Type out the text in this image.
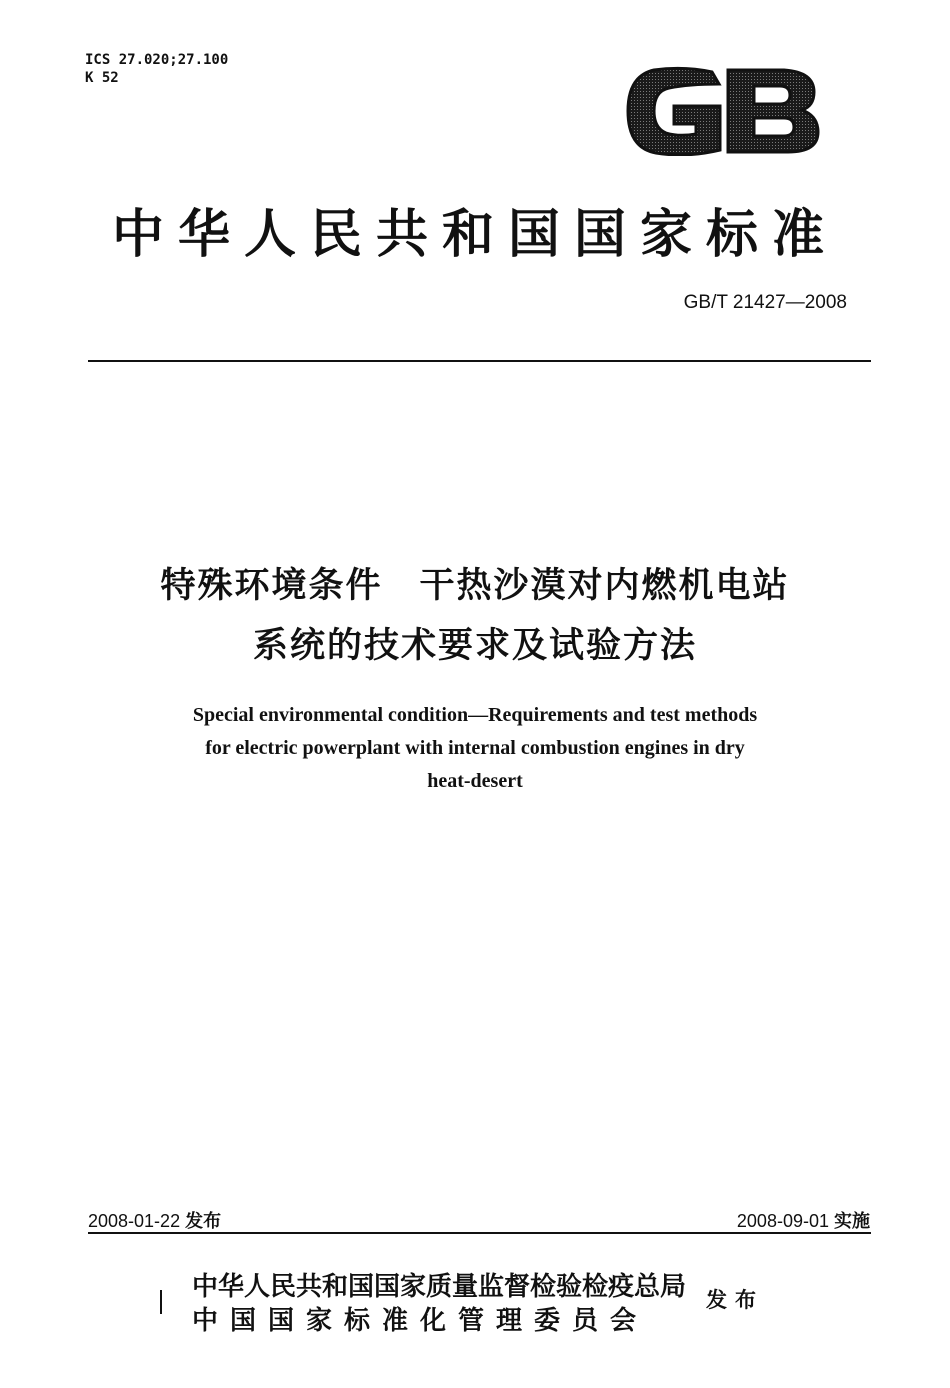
ICS 27.020;27.100
K 52
中华人民共和国国家标准
GB/T 21427—2008
特殊环境条件　干热沙漠对内燃机电站
系统的技术要求及试验方法
Special environmental condition—Requirements and test methods
for electric powerplant with internal combustion engines in dry
heat-desert
2008-01-22 发布	2008-09-01 实施
中华人民共和国国家质量监督检验检疫总局
中国国家标准化管理委员会
发布
